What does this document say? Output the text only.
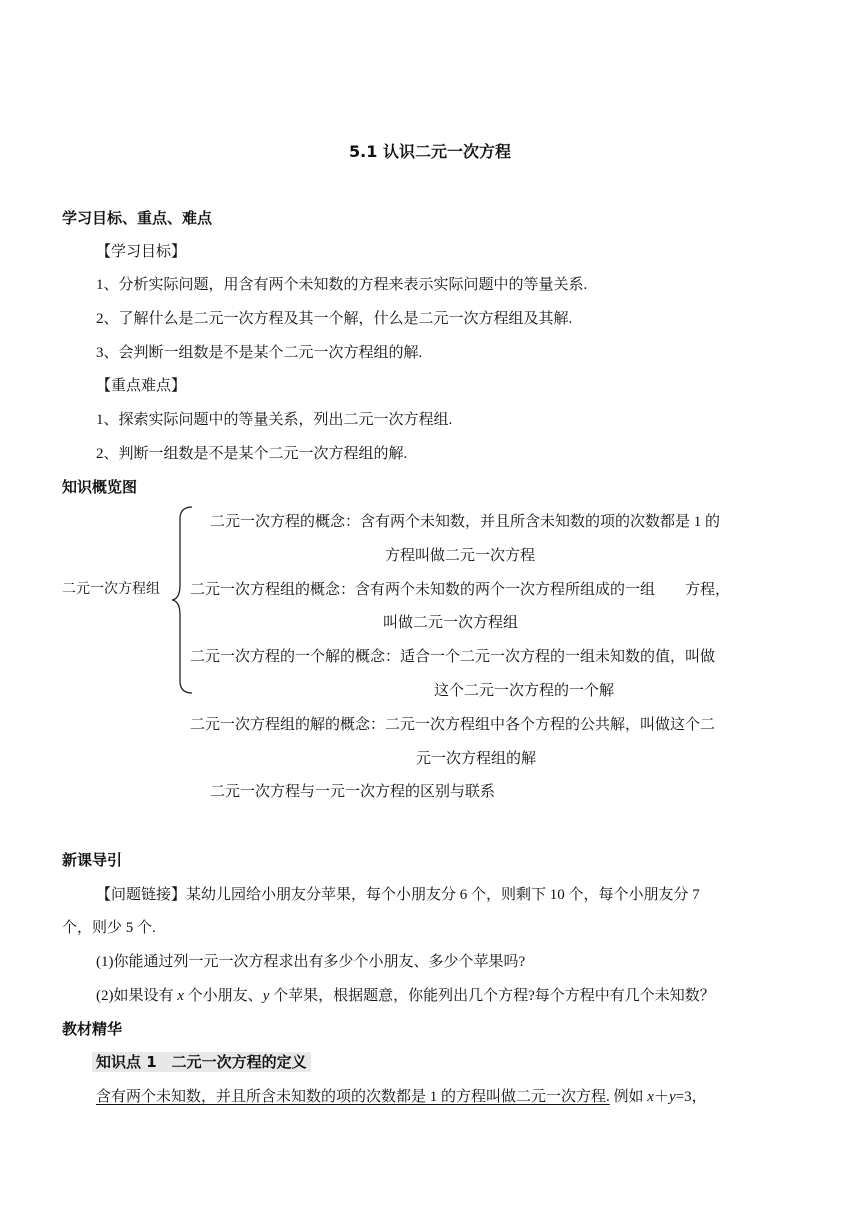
5.1 认识二元一次方程
学习目标、重点、难点
【学习目标】
1、分析实际问题，用含有两个未知数的方程来表示实际问题中的等量关系.
2、了解什么是二元一次方程及其一个解，什么是二元一次方程组及其解.
3、会判断一组数是不是某个二元一次方程组的解.
【重点难点】
1、探索实际问题中的等量关系，列出二元一次方程组.
2、判断一组数是不是某个二元一次方程组的解.
知识概览图
二元一次方程组
二元一次方程的概念：含有两个未知数，并且所含未知数的项的次数都是 1 的
方程叫做二元一次方程
二元一次方程组的概念：含有两个未知数的两个一次方程所组成的一组　　方程，
叫做二元一次方程组
二元一次方程的一个解的概念：适合一个二元一次方程的一组未知数的值，叫做
这个二元一次方程的一个解
二元一次方程组的解的概念：二元一次方程组中各个方程的公共解，叫做这个二
元一次方程组的解
二元一次方程与一元一次方程的区别与联系
新课导引
【问题链接】某幼儿园给小朋友分苹果，每个小朋友分 6 个，则剩下 10 个，每个小朋友分 7
个，则少 5 个.
(1)你能通过列一元一次方程求出有多少个小朋友、多少个苹果吗?
(2)如果设有 x 个小朋友、y 个苹果，根据题意，你能列出几个方程?每个方程中有几个未知数？
教材精华
知识点 1　二元一次方程的定义
含有两个未知数，并且所含未知数的项的次数都是 1 的方程叫做二元一次方程. 例如 x＋y=3，
